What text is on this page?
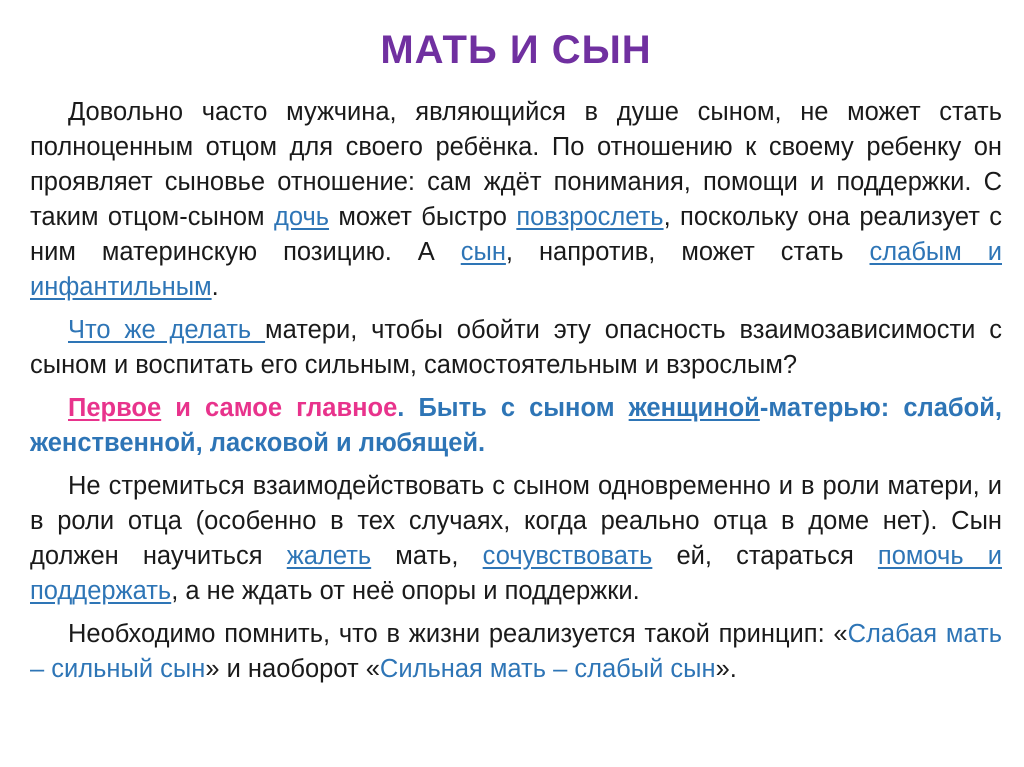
МАТЬ И СЫН

Довольно часто мужчина, являющийся в душе сыном, не может стать полноценным отцом для своего ребёнка. По отношению к своему ребенку он проявляет сыновье отношение: сам ждёт понимания, помощи и поддержки. С таким отцом-сыном дочь может быстро повзрослеть, поскольку она реализует с ним материнскую позицию. А сын, напротив, может стать слабым и инфантильным.

Что же делать матери, чтобы обойти эту опасность взаимозависимости с сыном и воспитать его сильным, самостоятельным и взрослым?

Первое и самое главное. Быть с сыном женщиной-матерью: слабой, женственной, ласковой и любящей.

Не стремиться взаимодействовать с сыном одновременно и в роли матери, и в роли отца (особенно в тех случаях, когда реально отца в доме нет). Сын должен научиться жалеть мать, сочувствовать ей, стараться помочь и поддержать, а не ждать от неё опоры и поддержки.

Необходимо помнить, что в жизни реализуется такой принцип: «Слабая мать – сильный сын» и наоборот «Сильная мать – слабый сын».
